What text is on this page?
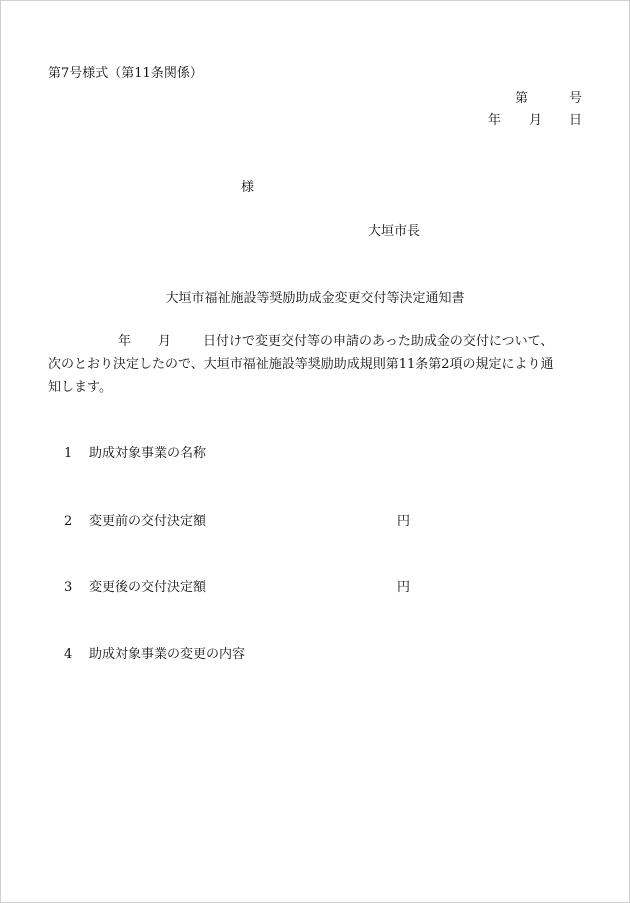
第7号様式（第11条関係）
第	号
年 月 日
様
大垣市長
大垣市福祉施設等奨励助成金変更交付等決定通知書
年 月 日付けで変更交付等の申請のあった助成金の交付について、
次のとおり決定したので、大垣市福祉施設等奨励助成規則第11条第2項の規定により通
知します。
1 助成対象事業の名称
2 変更前の交付決定額	円
3 変更後の交付決定額	円
4 助成対象事業の変更の内容
